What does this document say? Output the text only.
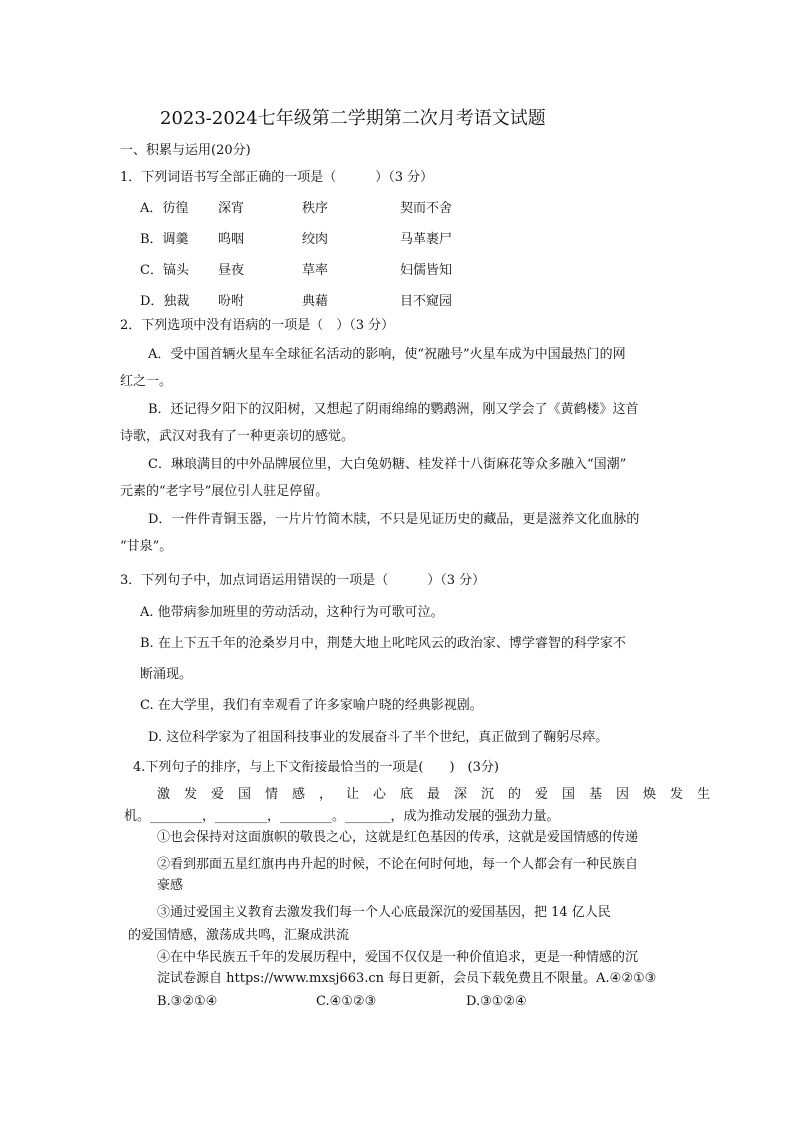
2023-2024七年级第二学期第二次月考语文试题
一、积累与运用(20分)
1．下列词语书写全部正确的一项是（　　　）（3 分）
A．彷徨 深宵	秩序	契而不舍
B．调羹 呜咽	绞肉	马革裹尸
C．镐头 昼夜	草率	妇儒皆知
D．独裁 吩咐	典藉	目不窥园
2．下列选项中没有语病的一项是（　）（3 分）
A．受中国首辆火星车全球征名活动的影响，使“祝融号”火星车成为中国最热门的网
红之一。
B．还记得夕阳下的汉阳树，又想起了阴雨绵绵的鹦鹉洲，刚又学会了《黄鹤楼》这首
诗歌，武汉对我有了一种更亲切的感觉。
C．琳琅满目的中外品牌展位里，大白兔奶糖、桂发祥十八街麻花等众多融入“国潮”
元素的“老字号”展位引人驻足停留。
D．一件件青铜玉器，一片片竹简木牍，不只是见证历史的藏品，更是滋养文化血脉的
“甘泉”。
3．下列句子中，加点词语运用错误的一项是（　　　）（3 分）
A. 他带病参加班里的劳动活动，这种行为可歌可泣。
B. 在上下五千年的沧桑岁月中，荆楚大地上叱咤风云的政治家、博学睿智的科学家不
断涌现。
C. 在大学里，我们有幸观看了许多家喻户晓的经典影视剧。
D. 这位科学家为了祖国科技事业的发展奋斗了半个世纪，真正做到了鞠躬尽瘁。
4.下列句子的排序，与上下文衔接最恰当的一项是(　　)　(3分)
激发爱国情感，让心底最深沉的爱国基因焕发生
机。________，________，________。_______，成为推动发展的强劲力量。
①也会保持对这面旗帜的敬畏之心，这就是红色基因的传承，这就是爱国情感的传递
②看到那面五星红旗冉冉升起的时候，不论在何时何地，每一个人都会有一种民族自
豪感
③通过爱国主义教育去激发我们每一个人心底最深沉的爱国基因，把 14 亿人民
的爱国情感，激荡成共鸣，汇聚成洪流
④在中华民族五千年的发展历程中，爱国不仅仅是一种价值追求，更是一种情感的沉
淀试卷源自 https://www.mxsj663.cn 每日更新，会员下载免费且不限量。A.④②①③
B.③②①④	C.④①②③	D.③①②④
